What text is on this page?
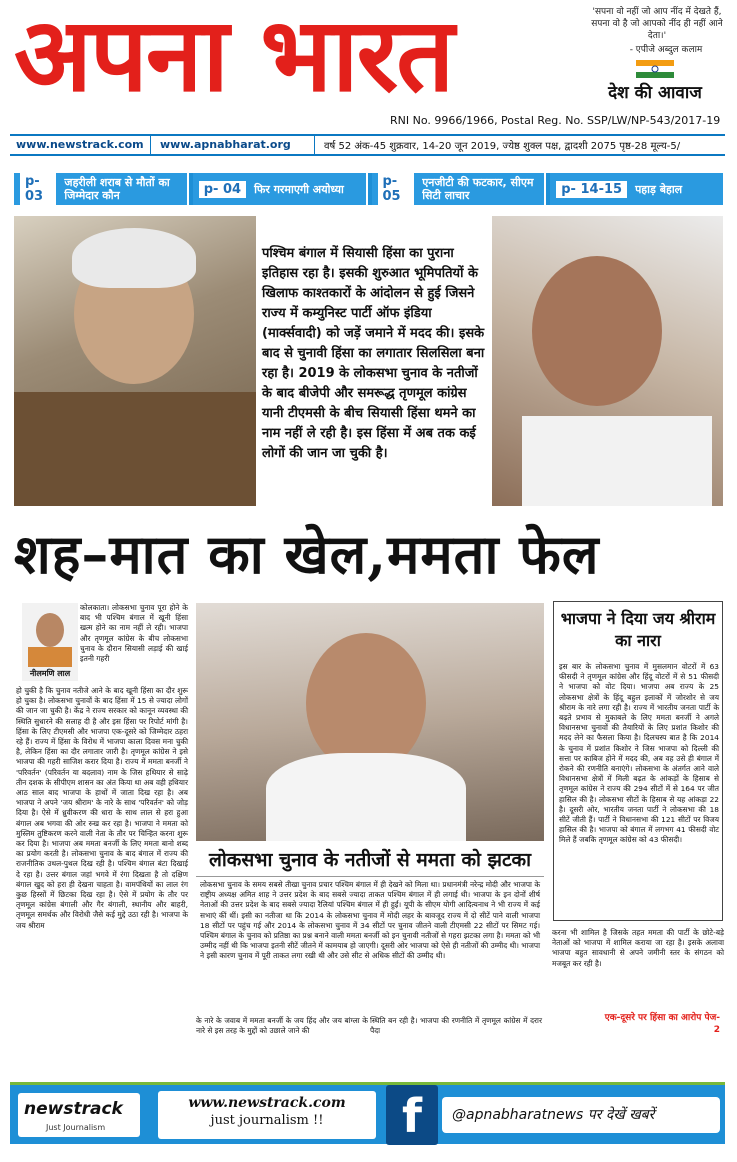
अपना भारत	'सपना वो नहीं जो आप नींद में देखते हैं, सपना वो है जो आपको नींद ही नहीं आने देता।'
- एपीजे अब्दुल कलाम
देश की आवाज
RNI No. 9966/1966, Postal Reg. No. SSP/LW/NP-543/2017-19
www.newstrack.com www.apnabharat.org	वर्ष 52 अंक-45 शुक्रवार, 14-20 जून 2019, ज्येष्ठ शुक्ल पक्ष, द्वादशी 2075 पृष्ठ-28 मूल्य-5/
p- 03
जहरीली शराब से मौतों का जिम्मेदार कौन	p- 04	फिर गरमाएगी अयोध्या	p- 05
एनजीटी की फटकार, सीएम सिटी लाचार	p- 14-15	पहाड़ बेहाल
पश्चिम बंगाल में सियासी हिंसा का पुराना इतिहास रहा है। इसकी शुरुआत भूमिपतियों के खिलाफ काश्तकारों के आंदोलन से हुई जिसने राज्य में कम्युनिस्ट पार्टी ऑफ इंडिया (मार्क्सवादी) को जड़ें जमाने में मदद की। इसके बाद से चुनावी हिंसा का लगातार सिलसिला बना रहा है। 2019 के लोकसभा चुनाव के नतीजों के बाद बीजेपी और समरूद्ध तृणमूल कांग्रेस यानी टीएमसी के बीच सियासी हिंसा थमने का नाम नहीं ले रही है। इस हिंसा में अब तक कई लोगों की जान जा चुकी है।
शह–मात का खेल,ममता फेल
नीलमणि लाल
कोलकाता। लोकसभा चुनाव पूरा होने के बाद भी पश्चिम बंगाल में खूनी हिंसा खत्म होने का नाम नहीं ले रही। भाजपा और तृणमूल कांग्रेस के बीच लोकसभा चुनाव के दौरान सियासी लड़ाई की खाई इतनी गहरी
हो चुकी है कि चुनाव नतीजे आने के बाद खूनी हिंसा का दौर शुरू हो चुका है। लोकसभा चुनावों के बाद हिंसा में 15 से ज्यादा लोगों की जान जा चुकी है। केंद्र ने राज्य सरकार को कानून व्यवस्था की स्थिति सुधारने की सलाह दी है और इस हिंसा पर रिपोर्ट मांगी है। हिंसा के लिए टीएमसी और भाजपा एक-दूसरे को जिम्मेदार ठहरा रहे हैं। राज्य में हिंसा के विरोध में भाजपा काला दिवस मना चुकी है, लेकिन हिंसा का दौर लगातार जारी है। तृणमूल कांग्रेस ने इसे भाजपा की गहरी साजिश करार दिया है। राज्य में ममता बनर्जी ने 'परिवर्तन' (परिवर्तन या बदलाव) नाम के जिस हथियार से साढ़े तीन दशक के सीपीएम शासन का अंत किया था अब वही हथियार आठ साल बाद भाजपा के हाथों में जाता दिख रहा है। अब भाजपा ने अपने 'जय श्रीराम' के नारे के साथ 'परिवर्तन' को जोड़ दिया है। ऐसे में ध्रुवीकरण की धारा के साथ लाल से हरा हुआ बंगाल अब भगवा की ओर रुख कर रहा है। भाजपा ने ममता को मुस्लिम तुष्टिकरण करने वाली नेता के तौर पर चिन्हित करना शुरू कर दिया है। भाजपा अब ममता बनर्जी के लिए ममता बानो शब्द का प्रयोग करती है। लोकसभा चुनाव के बाद बंगाल में राज्य की राजनीतिक उथल-पुथल दिख रही है। पश्चिम बंगाल बंटा दिखाई दे रहा है। उत्तर बंगाल जहां भगवे में रंगा दिखता है तो दक्षिण बंगाल खुद को हरा ही देखना चाहता है। वामपंथियों का लाल रंग कुछ हिस्सों में छिटका दिख रहा है। ऐसे में प्रयोग के तौर पर तृणमूल कांग्रेस बंगाली और गैर बंगाली, स्थानीय और बाहरी, तृणमूल समर्थक और विरोधी जैसे कई मुद्दे उठा रही है। भाजपा के जय श्रीराम
लोकसभा चुनाव के नतीजों से ममता को झटका
लोकसभा चुनाव के समय सबसे तीखा चुनाव प्रचार पश्चिम बंगाल में ही देखने को मिला था। प्रधानमंत्री नरेन्द्र मोदी और भाजपा के राष्ट्रीय अध्यक्ष अमित शाह ने उत्तर प्रदेश के बाद सबसे ज्यादा ताकत पश्चिम बंगाल में ही लगाई थी। भाजपा के इन दोनों शीर्ष नेताओं की उत्तर प्रदेश के बाद सबसे ज्यादा रैलियां पश्चिम बंगाल में ही हुईं। यूपी के सीएम योगी आदित्यनाथ ने भी राज्य में कई सभाएं कीं थीं। इसी का नतीजा था कि 2014 के लोकसभा चुनाव में मोदी लहर के बावजूद राज्य में दो सीटें पाने वाली भाजपा 18 सीटों पर पहुंच गई और 2014 के लोकसभा चुनाव में 34 सीटों पर चुनाव जीतने वाली टीएमसी 22 सीटों पर सिमट गई। पश्चिम बंगाल के चुनाव को प्रतिष्ठा का प्रश्न बनाने वाली ममता बनर्जी को इन चुनावी नतीजों से गहरा झटका लगा है। ममता को भी उम्मीद नहीं थी कि भाजपा इतनी सीटें जीतने में कामयाब हो जाएगी। दूसरी ओर भाजपा को ऐसे ही नतीजों की उम्मीद थी। भाजपा ने इसी कारण चुनाव में पूरी ताकत लगा रखी थी और उसे सीट से अधिक सीटों की उम्मीद थी।
के नारे के जवाब में ममता बनर्जी के जय हिंद और जय बांग्ला के नारे से इस तरह के मुद्दों को उछाले जाने की
स्थिति बन रही है। भाजपा की रणनीति में तृणमूल कांग्रेस में दरार पैदा
भाजपा ने दिया जय श्रीराम का नारा
इस बार के लोकसभा चुनाव में मुसलमान वोटरों में 63 फीसदी ने तृणमूल कांग्रेस और हिंदू वोटरों में से 51 फीसदी ने भाजपा को वोट दिया। भाजपा अब राज्य के 25 लोकसभा क्षेत्रों के हिंदू बहुल इलाकों में जोरशोर से जय श्रीराम के नारे लगा रही है। राज्य में भारतीय जनता पार्टी के बढ़ते प्रभाव से मुकाबले के लिए ममता बनर्जी ने अगले विधानसभा चुनावों की तैयारियों के लिए प्रशांत किशोर की मदद लेने का फैसला किया है। दिलचस्प बात है कि 2014 के चुनाव में प्रशांत किशोर ने जिस भाजपा को दिल्ली की सत्ता पर काबिज होने में मदद की, अब वह उसे ही बंगाल में रोकने की रणनीति बनाएंगे। लोकसभा के अंतर्गत आने वाले विधानसभा क्षेत्रों में मिली बढ़त के आंकड़ों के हिसाब से तृणमूल कांग्रेस ने राज्य की 294 सीटों में से 164 पर जीत हासिल की है। लोकसभा सीटों के हिसाब से यह आंकड़ा 22 है। दूसरी ओर, भारतीय जनता पार्टी ने लोकसभा की 18 सीटें जीती हैं। पार्टी ने विधानसभा की 121 सीटों पर विजय हासिल की है। भाजपा को बंगाल में लगभग 41 फीसदी वोट मिले हैं जबकि तृणमूल कांग्रेस को 43 फीसदी।
करना भी शामिल है जिसके तहत ममता की पार्टी के छोटे-बड़े नेताओं को भाजपा में शामिल कराया जा रहा है। इसके अलावा भाजपा बहुत सावधानी से अपने जमीनी स्तर के संगठन को मजबूत कर रही है।
एक-दूसरे पर हिंसा का आरोप पेज- 2
newstrack
Just Journalism
www.newstrack.com
just journalism !!	f	@apnabharatnews पर देखें खबरें
